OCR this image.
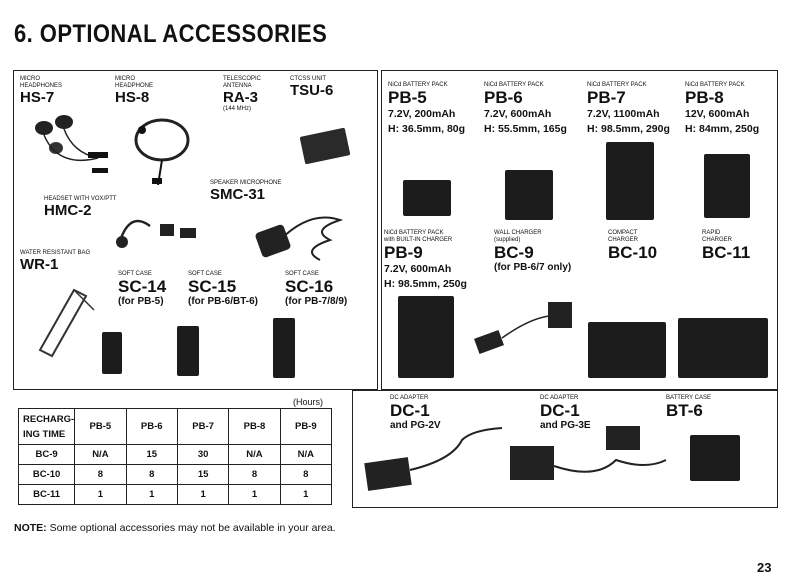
6. OPTIONAL ACCESSORIES
MICRO HEADPHONES
HS-7
MICRO HEADPHONE
HS-8
TELESCOPIC ANTENNA
RA-3
(144 MHz)
CTCSS UNIT
TSU-6
SPEAKER MICROPHONE
SMC-31
HEADSET WITH VOX/PTT
HMC-2
WATER RESISTANT BAG
WR-1
SOFT CASE
SC-14
(for PB-5)
SOFT CASE
SC-15
(for PB-6/BT-6)
SOFT CASE
SC-16
(for PB-7/8/9)
NiCd BATTERY PACK
PB-5
7.2V, 200mAh
H: 36.5mm, 80g
NiCd BATTERY PACK
PB-6
7.2V, 600mAh
H: 55.5mm, 165g
NiCd BATTERY PACK
PB-7
7.2V, 1100mAh
H: 98.5mm, 290g
NiCd BATTERY PACK
PB-8
12V, 600mAh
H: 84mm, 250g
NiCd BATTERY PACK
with BUILT-IN CHARGER
PB-9
7.2V, 600mAh
H: 98.5mm, 250g
WALL CHARGER
(supplied)
BC-9
(for PB-6/7 only)
COMPACT
CHARGER
BC-10
RAPID
CHARGER
BC-11
(Hours)
RECHARG-
ING TIME	PB-5	PB-6	PB-7	PB-8	PB-9
BC-9	N/A	15	30	N/A	N/A
BC-10	8	8	15	8	8
BC-11	1	1	1	1	1
DC ADAPTER
DC-1
and PG-2V
DC ADAPTER
DC-1
and PG-3E
BATTERY CASE
BT-6
NOTE: Some optional accessories may not be available in your area.
23
